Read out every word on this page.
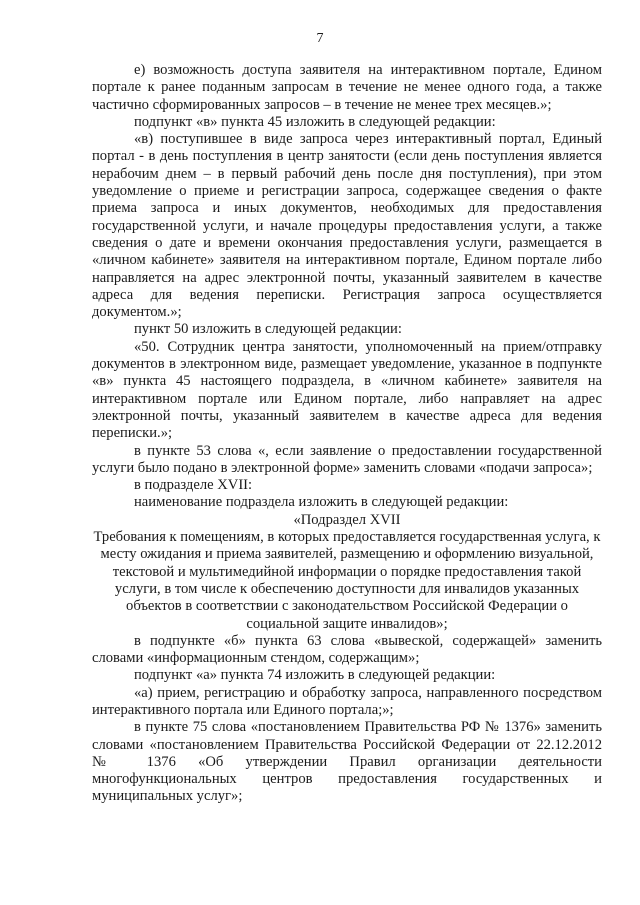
7

е) возможность доступа заявителя на интерактивном портале, Едином портале к ранее поданным запросам в течение не менее одного года, а также частично сформированных запросов – в течение не менее трех месяцев.»;

подпункт «в» пункта 45 изложить в следующей редакции:

«в) поступившее в виде запроса через интерактивный портал, Единый портал - в день поступления в центр занятости (если день поступления является нерабочим днем – в первый рабочий день после дня поступления), при этом уведомление о приеме и регистрации запроса, содержащее сведения о факте приема запроса и иных документов, необходимых для предоставления государственной услуги, и начале процедуры предоставления услуги, а также сведения о дате и времени окончания предоставления услуги, размещается в «личном кабинете» заявителя на интерактивном портале, Едином портале либо направляется на адрес электронной почты, указанный заявителем в качестве адреса для ведения переписки. Регистрация запроса осуществляется документом.»;

пункт 50 изложить в следующей редакции:

«50. Сотрудник центра занятости, уполномоченный на прием/отправку документов в электронном виде, размещает уведомление, указанное в подпункте «в» пункта 45 настоящего подраздела, в «личном кабинете» заявителя на интерактивном портале или Едином портале, либо направляет на адрес электронной почты, указанный заявителем в качестве адреса для ведения переписки.»;

в пункте 53 слова «, если заявление о предоставлении государственной услуги было подано в электронной форме» заменить словами «подачи запроса»;

в подразделе XVII:

наименование подраздела изложить в следующей редакции:

«Подраздел XVII

Требования к помещениям, в которых предоставляется государственная услуга, к месту ожидания и приема заявителей, размещению и оформлению визуальной, текстовой и мультимедийной информации о порядке предоставления такой услуги, в том числе к обеспечению доступности для инвалидов указанных объектов в соответствии с законодательством Российской Федерации о социальной защите инвалидов»;

в подпункте «б» пункта 63 слова «вывеской, содержащей» заменить словами «информационным стендом, содержащим»;

подпункт «а» пункта 74 изложить в следующей редакции:

«а) прием, регистрацию и обработку запроса, направленного посредством интерактивного портала или Единого портала;»;

в пункте 75 слова «постановлением Правительства РФ № 1376» заменить словами «постановлением Правительства Российской Федерации от 22.12.2012 № 1376 «Об утверждении Правил организации деятельности многофункциональных центров предоставления государственных и муниципальных услуг»;
